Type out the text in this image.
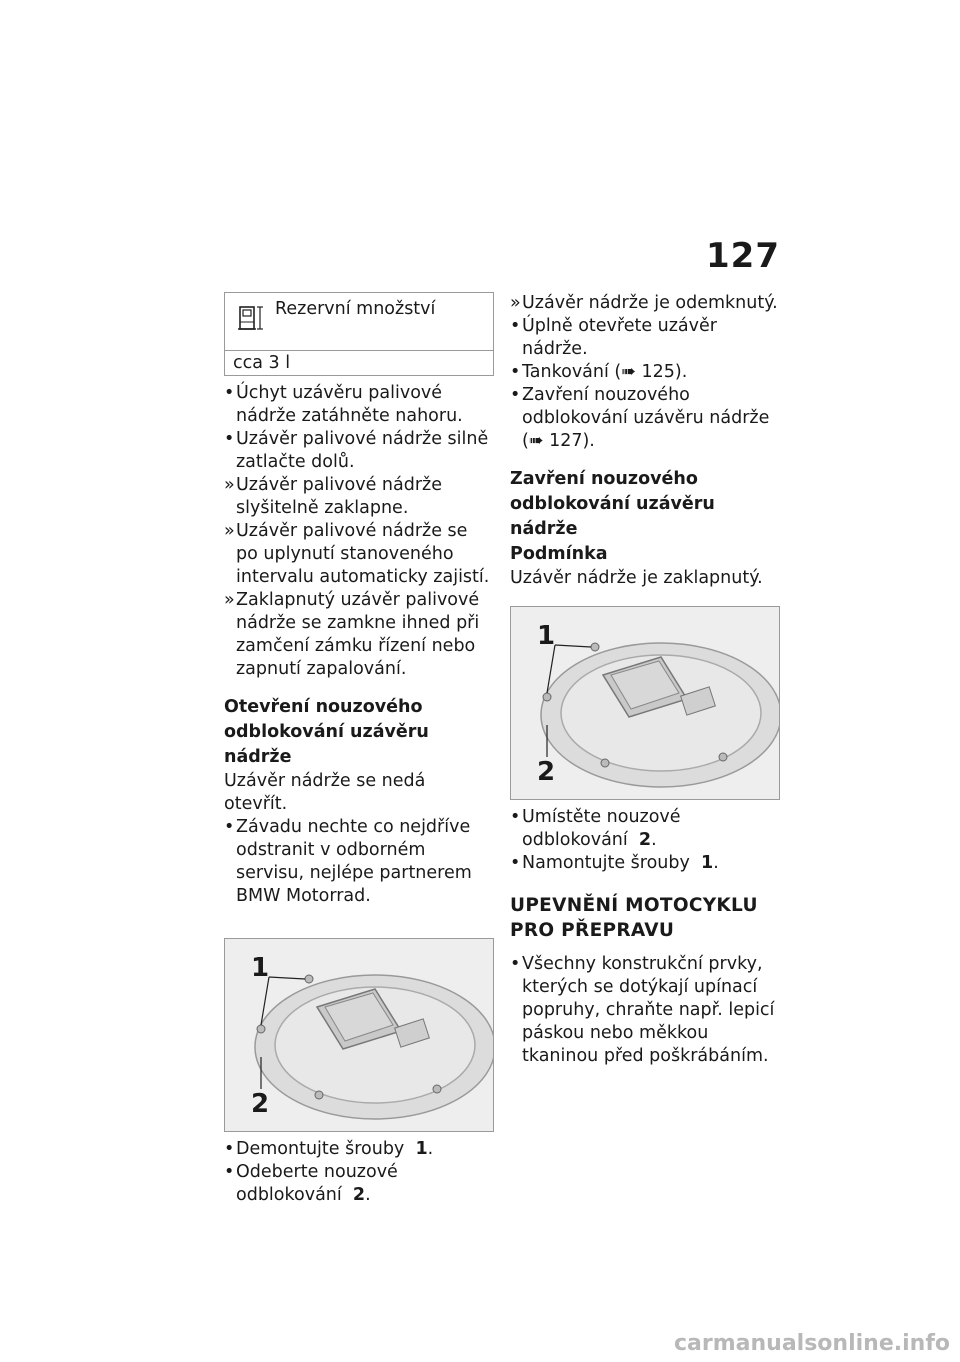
127
Rezervní množství
cca 3 l
• Úchyt uzávěru palivové nádrže zatáhněte nahoru.
• Uzávěr palivové nádrže silně zatlačte dolů.
» Uzávěr palivové nádrže slyšitelně zaklapne.
» Uzávěr palivové nádrže se po uplynutí stanoveného intervalu automaticky zajistí.
» Zaklapnutý uzávěr palivové nádrže se zamkne ihned při zamčení zámku řízení nebo zapnutí zapalování.
Otevření nouzového odblokování uzávěru nádrže
Uzávěr nádrže se nedá otevřít.
• Závadu nechte co nejdříve odstranit v odborném servisu, nejlépe partnerem BMW Motorrad.
1
2
• Demontujte šrouby 1.
• Odeberte nouzové odblokování 2.
» Uzávěr nádrže je odemknutý.
• Úplně otevřete uzávěr nádrže.
• Tankování (➠ 125).
• Zavření nouzového odblokování uzávěru nádrže (➠ 127).
Zavření nouzového odblokování uzávěru nádrže
Podmínka
Uzávěr nádrže je zaklapnutý.
1
2
• Umístěte nouzové odblokování 2.
• Namontujte šrouby 1.
UPEVNĚNÍ MOTOCYKLU PRO PŘEPRAVU
• Všechny konstrukční prvky, kterých se dotýkají upínací popruhy, chraňte např. lepicí páskou nebo měkkou tkaninou před poškrábáním.
carmanualsonline.info
